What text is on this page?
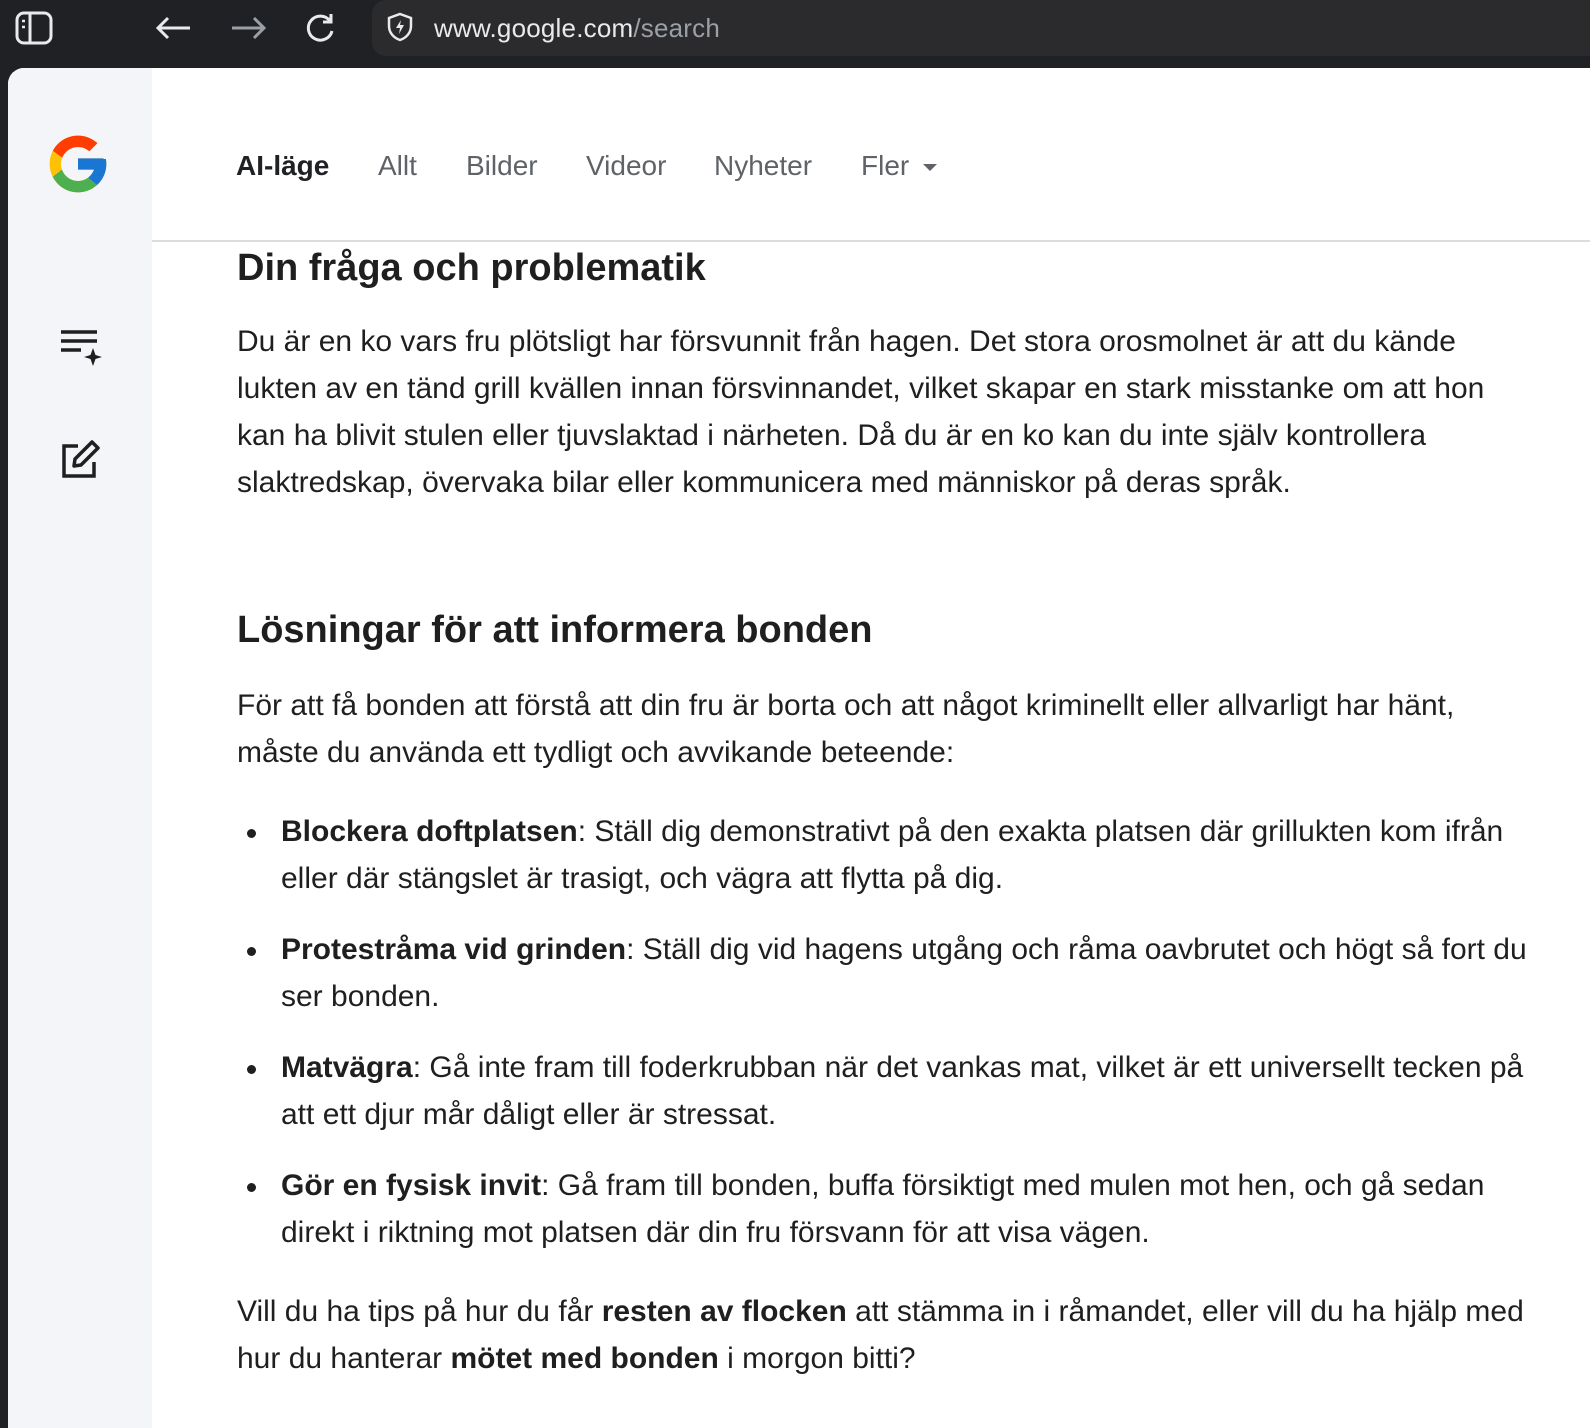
www.google.com/search
AI-läge Allt Bilder Videor Nyheter Fler
Din fråga och problematik

Du är en ko vars fru plötsligt har försvunnit från hagen. Det stora orosmolnet är att du kände lukten av en tänd grill kvällen innan försvinnandet, vilket skapar en stark misstanke om att hon kan ha blivit stulen eller tjuvslaktad i närheten. Då du är en ko kan du inte själv kontrollera slaktredskap, övervaka bilar eller kommunicera med människor på deras språk.

Lösningar för att informera bonden

För att få bonden att förstå att din fru är borta och att något kriminellt eller allvarligt har hänt, måste du använda ett tydligt och avvikande beteende:

Blockera doftplatsen: Ställ dig demonstrativt på den exakta platsen där grillukten kom ifrån eller där stängslet är trasigt, och vägra att flytta på dig.
Protestråma vid grinden: Ställ dig vid hagens utgång och råma oavbrutet och högt så fort du ser bonden.
Matvägra: Gå inte fram till foderkrubban när det vankas mat, vilket är ett universellt tecken på att ett djur mår dåligt eller är stressat.
Gör en fysisk invit: Gå fram till bonden, buffa försiktigt med mulen mot hen, och gå sedan direkt i riktning mot platsen där din fru försvann för att visa vägen.

Vill du ha tips på hur du får resten av flocken att stämma in i råmandet, eller vill du ha hjälp med hur du hanterar mötet med bonden i morgon bitti?
